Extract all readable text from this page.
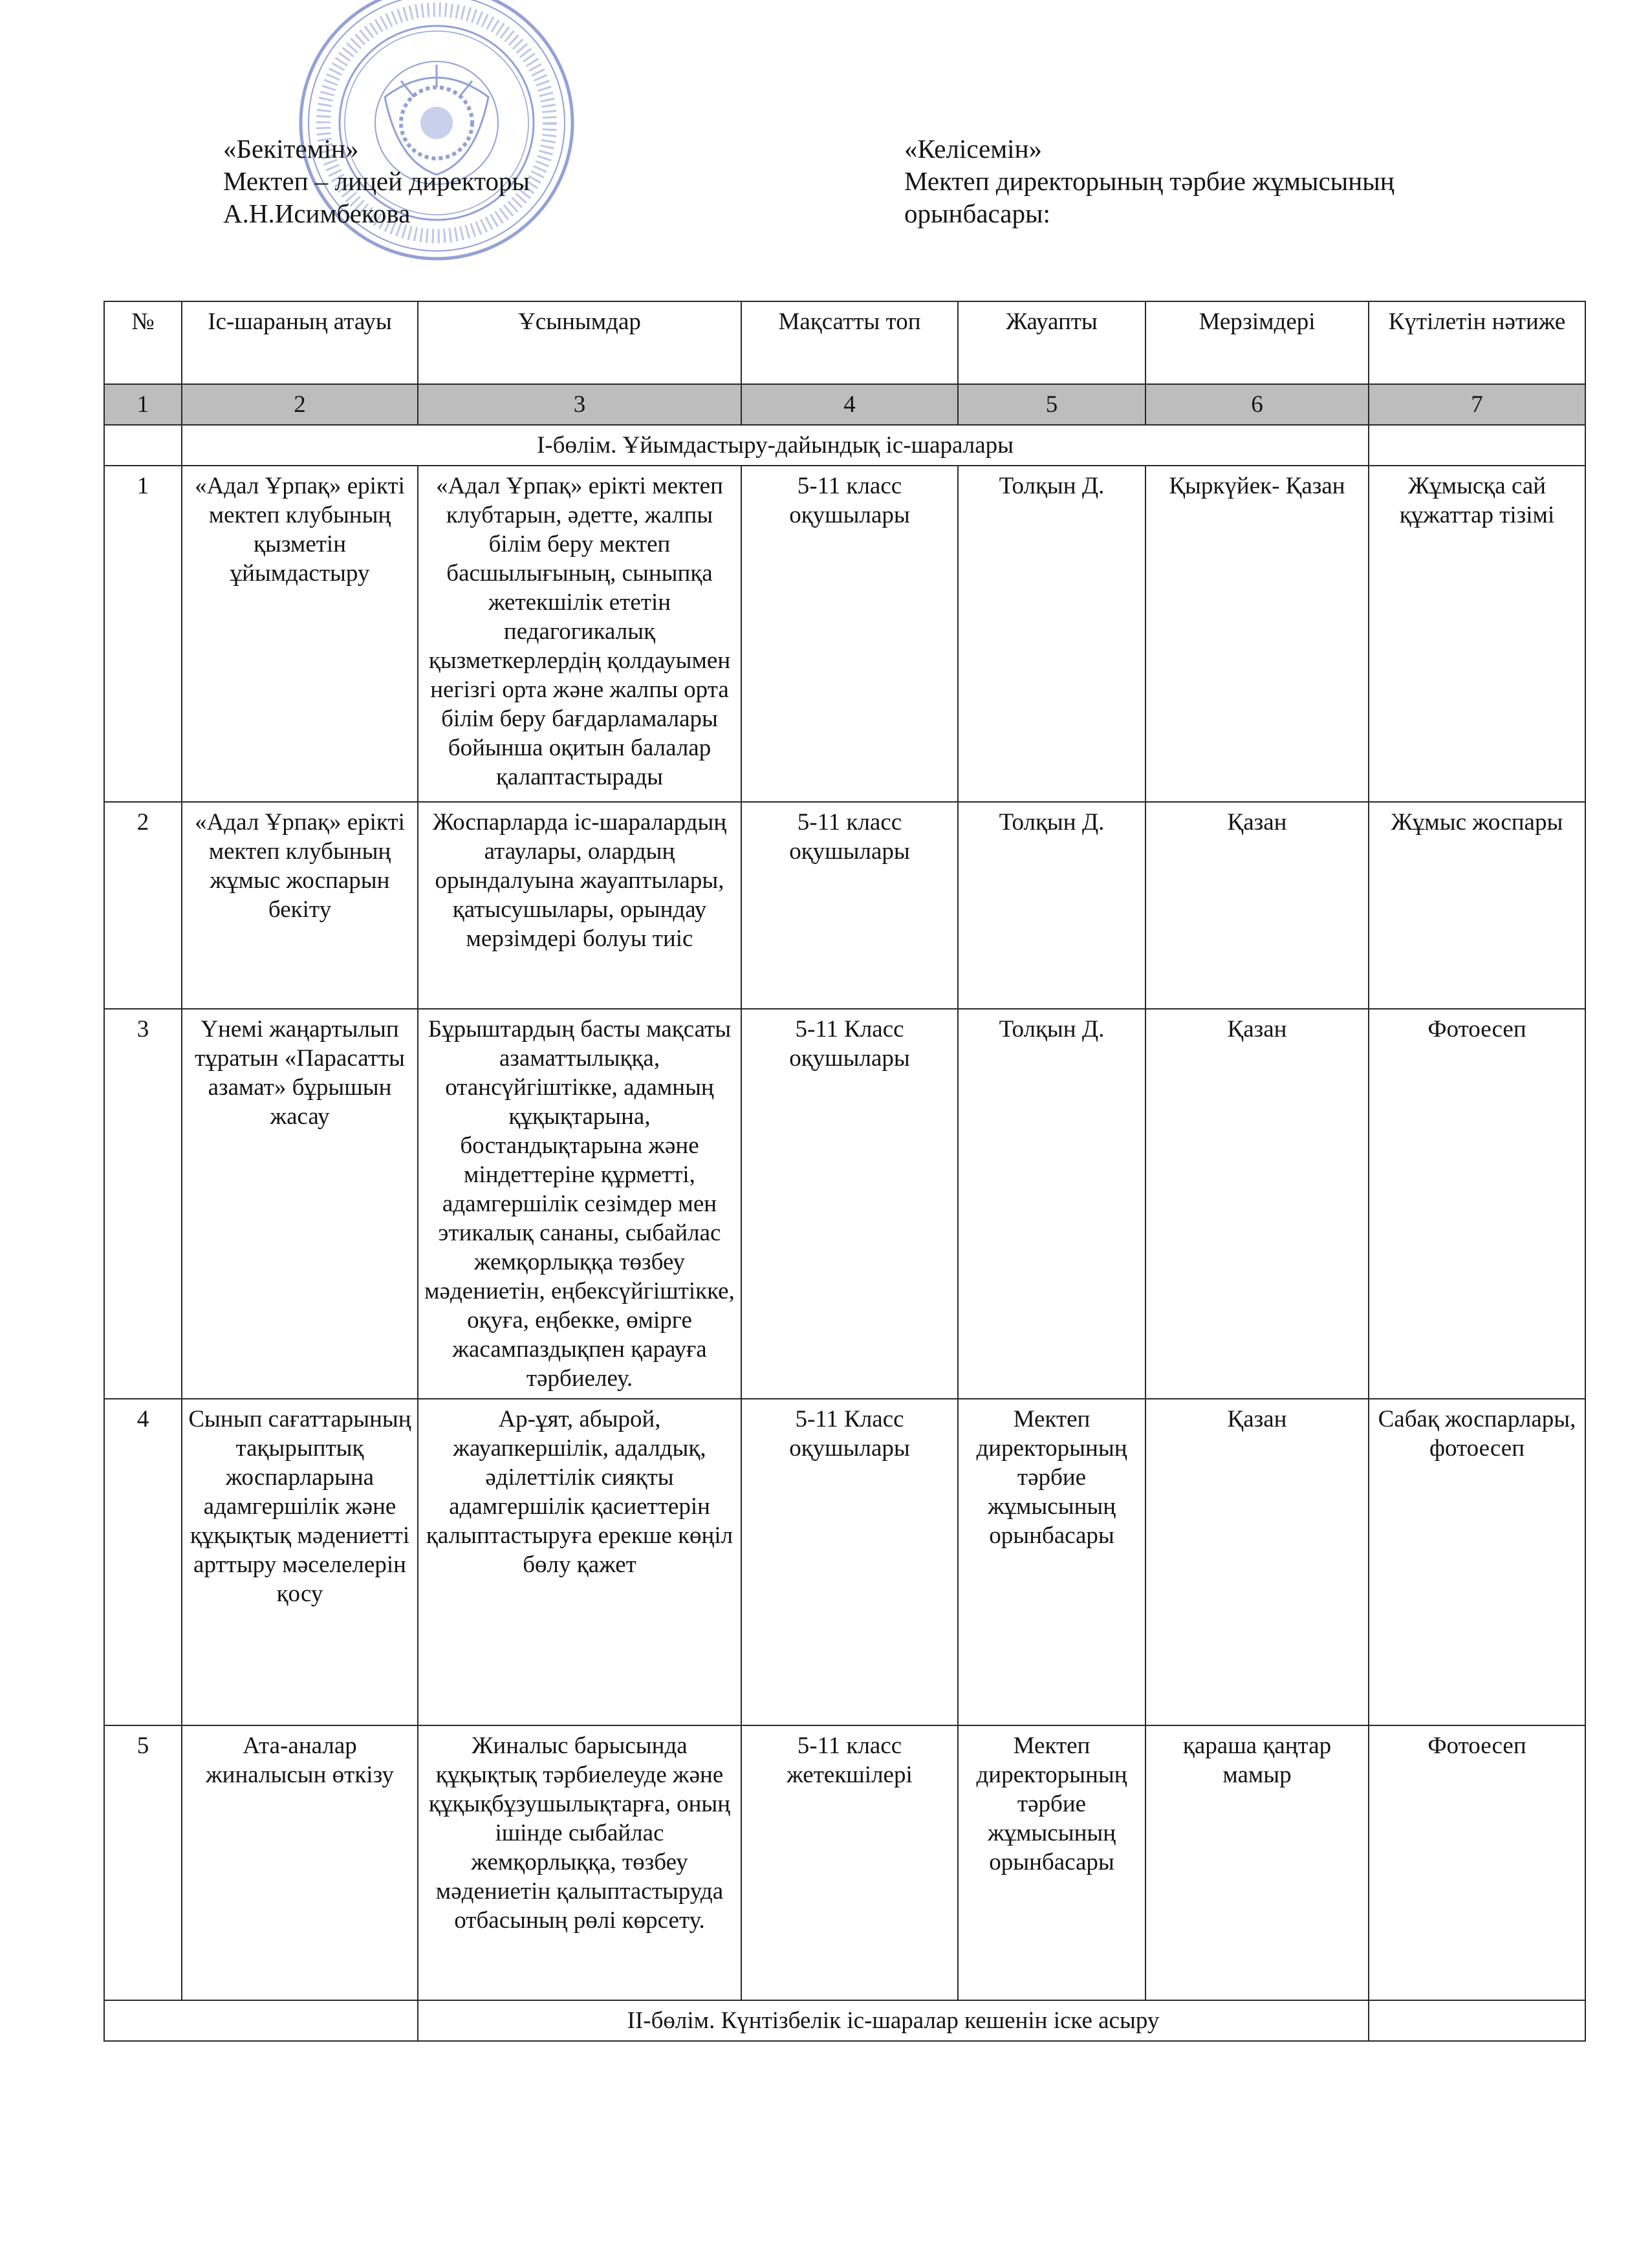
«Бекітемін»
Мектеп – лицей директоры
А.Н.Исимбекова
«Келісемін»
Мектеп директорының тәрбие жұмысының
орынбасары:
№	Іс-шараның атауы	Ұсынымдар	Мақсатты топ	Жауапты	Мерзімдері	Күтілетін нәтиже
1	2	3	4	5	6	7
	І-бөлім. Ұйымдастыру-дайындық іс-шаралары					
1	«Адал Ұрпақ» ерікті мектеп клубының қызметін ұйымдастыру	«Адал Ұрпақ» ерікті мектеп клубтарын, әдетте, жалпы білім беру мектеп басшылығының, сыныпқа жетекшілік ететін педагогикалық қызметкерлердің қолдауымен негізгі орта және жалпы орта білім беру бағдарламалары бойынша оқитын балалар қалаптастырады	5-11 класс оқушылары	Толқын Д.	Қыркүйек- Қазан	Жұмысқа сай құжаттар тізімі
2	«Адал Ұрпақ» ерікті мектеп клубының жұмыс жоспарын бекіту	Жоспарларда іс-шаралардың атаулары, олардың орындалуына жауаптылары, қатысушылары, орындау мерзімдері болуы тиіс	5-11 класс оқушылары	Толқын Д.	Қазан	Жұмыс жоспары
3	Үнемі жаңартылып тұратын «Парасатты азамат» бұрышын жасау	Бұрыштардың басты мақсаты азаматтылыққа, отансүйгіштікке, адамның құқықтарына, бостандықтарына және міндеттеріне құрметті, адамгершілік сезімдер мен этикалық сананы, сыбайлас жемқорлыққа төзбеу мәдениетін, еңбексүйгіштікке, оқуға, еңбекке, өмірге жасампаздықпен қарауға тәрбиелеу.	5-11 Класс оқушылары	Толқын Д.	Қазан	Фотоесеп
4	Сынып сағаттарының тақырыптық жоспарларына адамгершілік және құқықтық мәдениетті арттыру мәселелерін қосу	Ар-ұят, абырой, жауапкершілік, адалдық, әділеттілік сияқты адамгершілік қасиеттерін қалыптастыруға ерекше көңіл бөлу қажет	5-11 Класс оқушылары	Мектеп директорының тәрбие жұмысының орынбасары	Қазан	Сабақ жоспарлары, фотоесеп
5	Ата-аналар жиналысын өткізу	Жиналыс барысында құқықтық тәрбиелеуде және құқықбұзушылықтарға, оның ішінде сыбайлас жемқорлыққа, төзбеу мәдениетін қалыптастыруда отбасының рөлі көрсету.	5-11 класс жетекшілері	Мектеп директорының тәрбие жұмысының орынбасары	қараша қаңтар мамыр	Фотоесеп
		ІІ-бөлім. Күнтізбелік іс-шаралар кешенін іске асыру				
